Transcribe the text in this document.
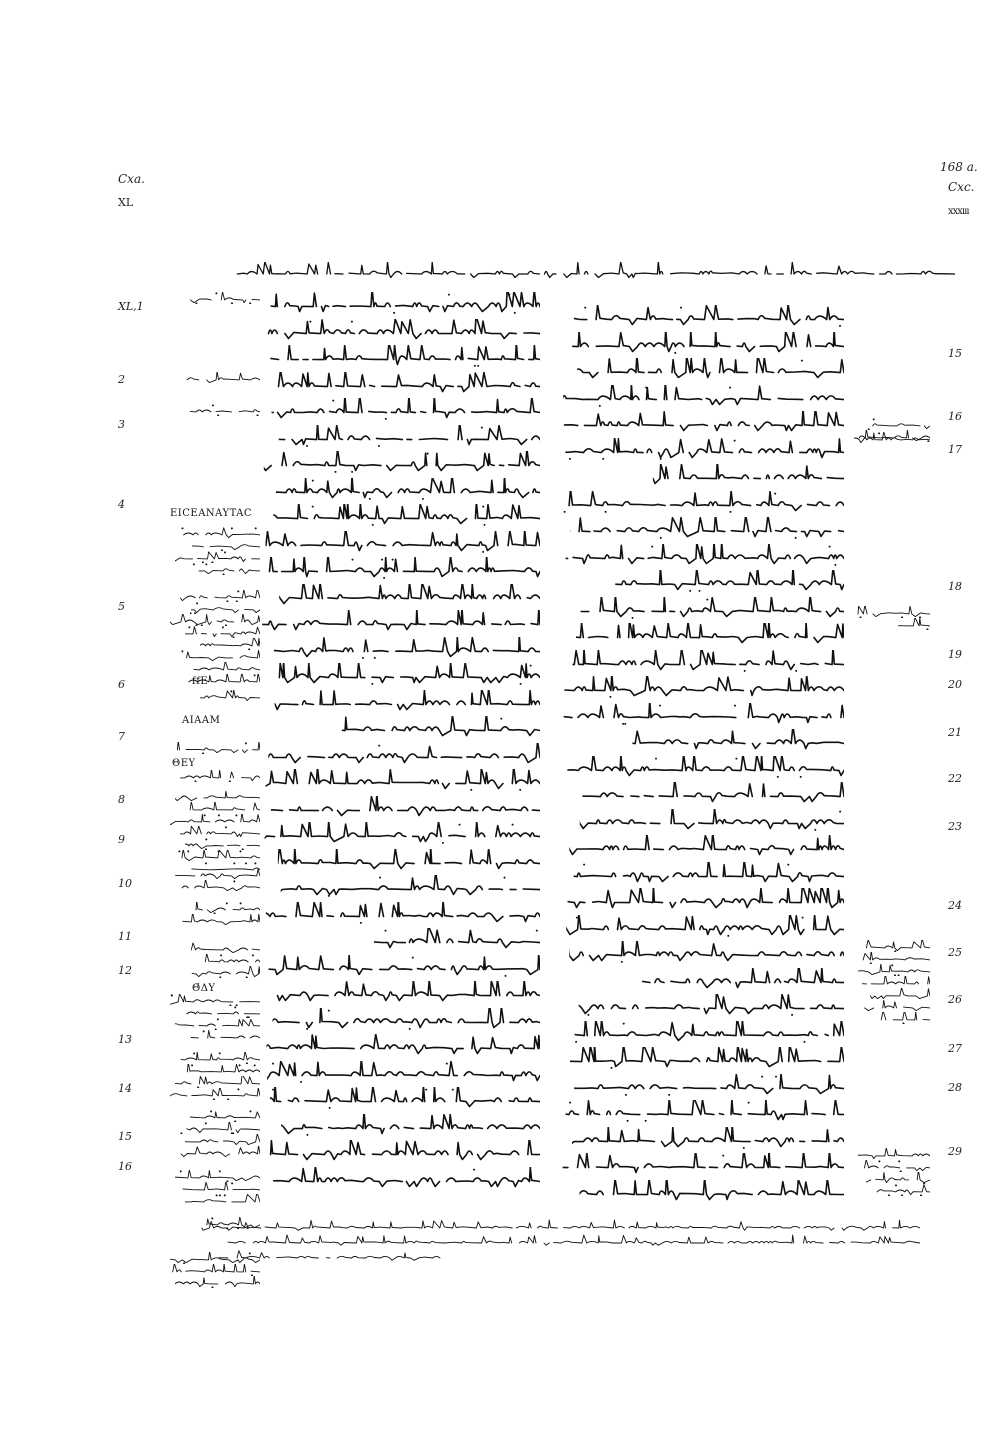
Cxa.
XL
168 a.
Cxc.
xxxııı
XL,1
2
3
4
5
6
7
8
9
10
11
12
13
14
15
16
15
16
17
18
19
20
21
22
23
24
25
26
27
28
29
EICEANAYTAC
ffE
AIAAM
ΘEY
Θ̄ΔY
